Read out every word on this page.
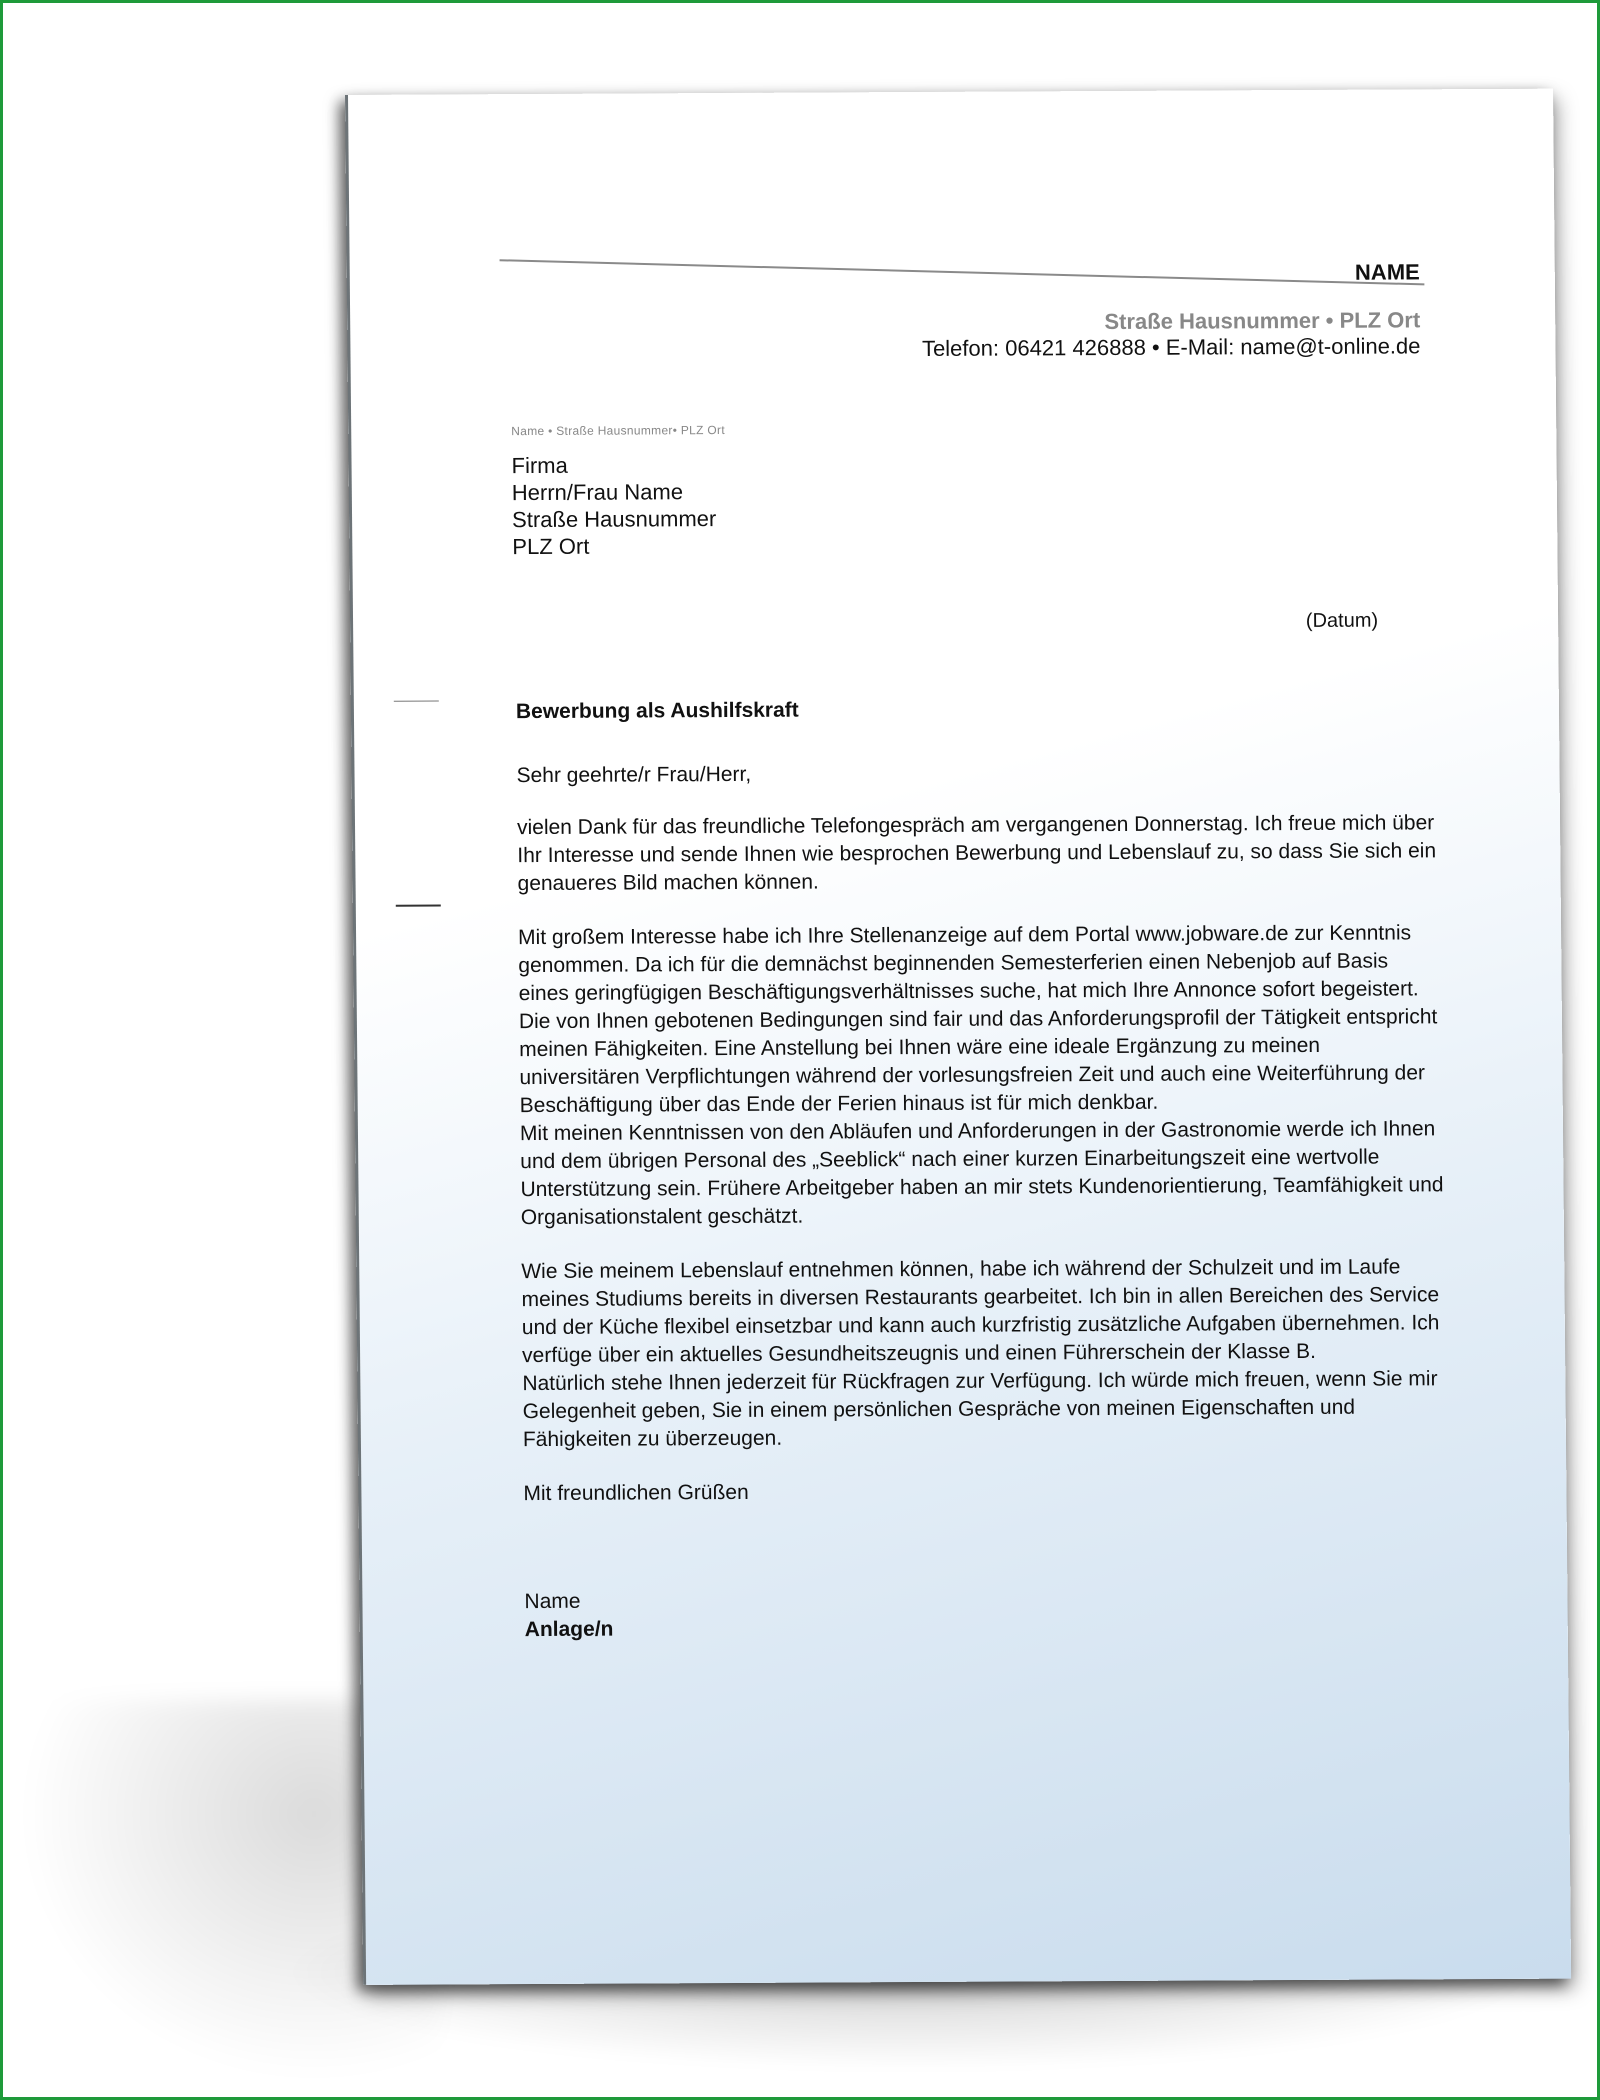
NAME
Straße Hausnummer • PLZ Ort
Telefon: 06421 426888 • E-Mail: name@t-online.de
Name • Straße Hausnummer• PLZ Ort
Firma
Herrn/Frau Name
Straße Hausnummer
PLZ Ort
(Datum)
Bewerbung als Aushilfskraft

Sehr geehrte/r Frau/Herr,

vielen Dank für das freundliche Telefongespräch am vergangenen Donnerstag. Ich freue mich über Ihr Interesse und sende Ihnen wie besprochen Bewerbung und Lebenslauf zu, so dass Sie sich ein genaueres Bild machen können.

Mit großem Interesse habe ich Ihre Stellenanzeige auf dem Portal www.jobware.de zur Kenntnis genommen. Da ich für die demnächst beginnenden Semesterferien einen Nebenjob auf Basis eines geringfügigen Beschäftigungsverhältnisses suche, hat mich Ihre Annonce sofort begeistert. Die von Ihnen gebotenen Bedingungen sind fair und das Anforderungsprofil der Tätigkeit entspricht meinen Fähigkeiten. Eine Anstellung bei Ihnen wäre eine ideale Ergänzung zu meinen universitären Verpflichtungen während der vorlesungsfreien Zeit und auch eine Weiterführung der Beschäftigung über das Ende der Ferien hinaus ist für mich denkbar.

Mit meinen Kenntnissen von den Abläufen und Anforderungen in der Gastronomie werde ich Ihnen und dem übrigen Personal des „Seeblick“ nach einer kurzen Einarbeitungszeit eine wertvolle Unterstützung sein. Frühere Arbeitgeber haben an mir stets Kundenorientierung, Teamfähigkeit und Organisationstalent geschätzt.

Wie Sie meinem Lebenslauf entnehmen können, habe ich während der Schulzeit und im Laufe meines Studiums bereits in diversen Restaurants gearbeitet. Ich bin in allen Bereichen des Service und der Küche flexibel einsetzbar und kann auch kurzfristig zusätzliche Aufgaben übernehmen. Ich verfüge über ein aktuelles Gesundheitszeugnis und einen Führerschein der Klasse B.

Natürlich stehe Ihnen jederzeit für Rückfragen zur Verfügung. Ich würde mich freuen, wenn Sie mir Gelegenheit geben, Sie in einem persönlichen Gespräche von meinen Eigenschaften und Fähigkeiten zu überzeugen.

Mit freundlichen Grüßen

Name

Anlage/n
